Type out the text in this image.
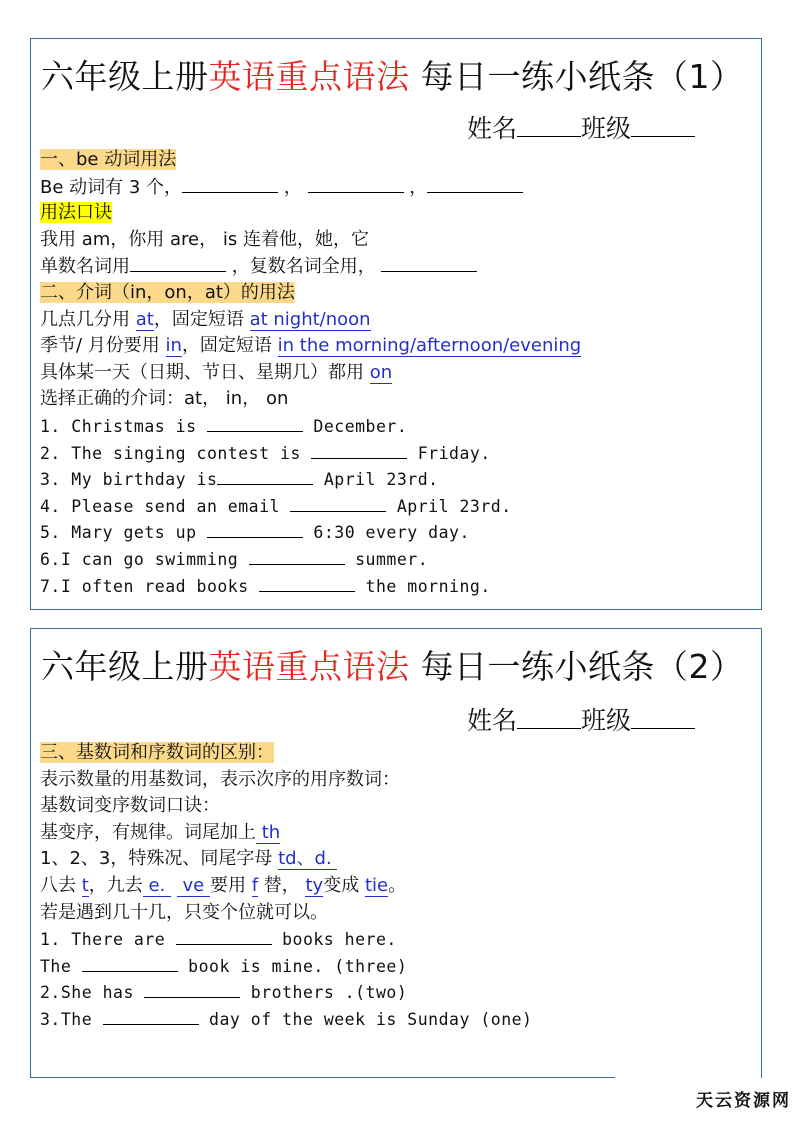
六年级上册英语重点语法 每日一练小纸条（1）
姓名	班级
一、be 动词用法
Be 动词有 3 个，	，	，
用法口诀
我用 am，你用 are， is 连着他，她，它
单数名词用	，复数名词全用，
二、介词（in，on，at）的用法
几点几分用 at，固定短语 at night/noon
季节/ 月份要用 in，固定短语 in the morning/afternoon/evening
具体某一天（日期、节日、星期几）都用 on
选择正确的介词：at， in， on
1. Christmas is	December.
2. The singing contest is	Friday.
3. My birthday is	April 23rd.
4. Please send an email	April 23rd.
5. Mary gets up	6:30 every day.
6.I can go swimming	summer.
7.I often read books	the morning.
六年级上册英语重点语法 每日一练小纸条（2）
姓名	班级
三、基数词和序数词的区别：
表示数量的用基数词，表示次序的用序数词：
基数词变序数词口诀：
基变序，有规律。词尾加上 th
1、2、3，特殊况、同尾字母 td、d.
八去 t，九去 e.   ve 要用 f 替， ty变成 tie。
若是遇到几十几，只变个位就可以。
1. There are	books here.
The	book is mine. (three)
2.She has	brothers .(two)
3.The	day of the week is Sunday (one)
天云资源网
